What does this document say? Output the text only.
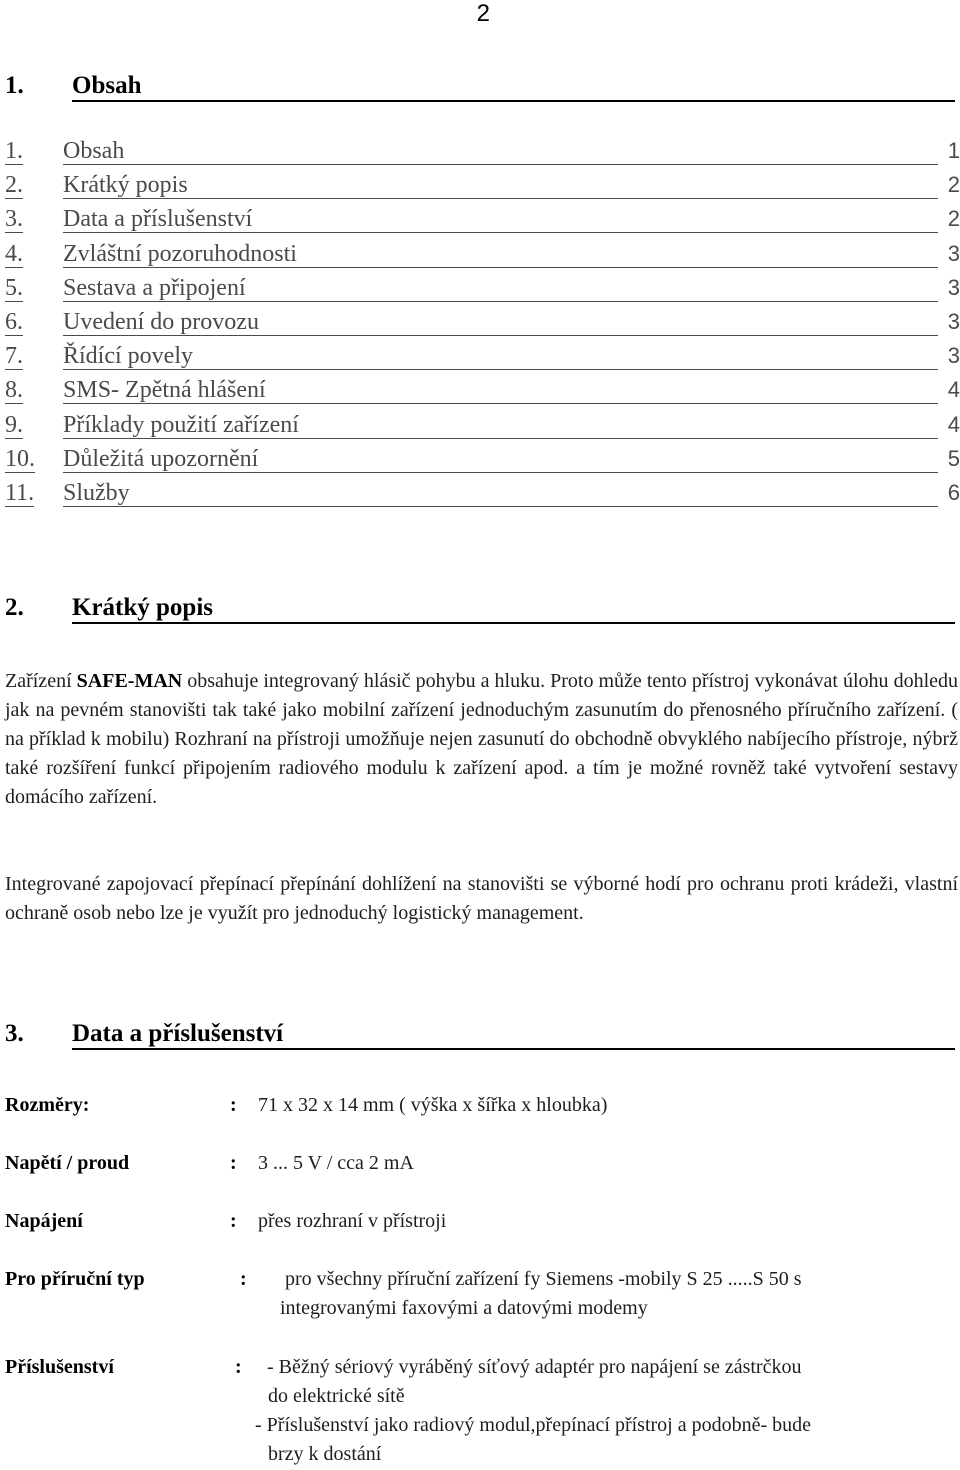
2
1. Obsah
1. Obsah	1
2. Krátký popis	2
3. Data a příslušenství	2
4. Zvláštní pozoruhodnosti	3
5. Sestava a připojení	3
6. Uvedení do provozu	3
7. Řídící povely	3
8. SMS- Zpětná hlášení	4
9. Příklady použití zařízení	4
10. Důležitá upozornění	5
11. Služby	6
2. Krátký popis
Zařízení SAFE-MAN obsahuje integrovaný hlásič pohybu a hluku. Proto může tento přístroj vykonávat úlohu dohledu jak na pevném stanovišti tak také jako mobilní zařízení jednoduchým zasunutím do přenosného příručního zařízení. ( na příklad k mobilu) Rozhraní na přístroji umožňuje nejen zasunutí do obchodně obvyklého nabíjecího přístroje, nýbrž také rozšíření funkcí připojením radiového modulu k zařízení apod. a tím je možné rovněž také vytvoření sestavy domácího zařízení.
Integrované zapojovací přepínací přepínání dohlížení na stanovišti se výborné hodí pro ochranu proti krádeži, vlastní ochraně osob nebo lze je využít pro jednoduchý logistický management.
3. Data a příslušenství
Rozměry:	: 71 x 32 x 14 mm ( výška x šířka x hloubka)
Napětí / proud	: 3 ... 5 V / cca 2 mA
Napájení	: přes rozhraní v přístroji
Pro příruční typ	: pro všechny příruční zařízení fy Siemens -mobily S 25 .....S 50 s
integrovanými faxovými a datovými modemy
Příslušenství	: - Běžný sériový vyráběný síťový adaptér pro napájení se zástrčkou
do elektrické sítě
- Příslušenství jako radiový modul,přepínací přístroj a podobně- bude
brzy k dostání
